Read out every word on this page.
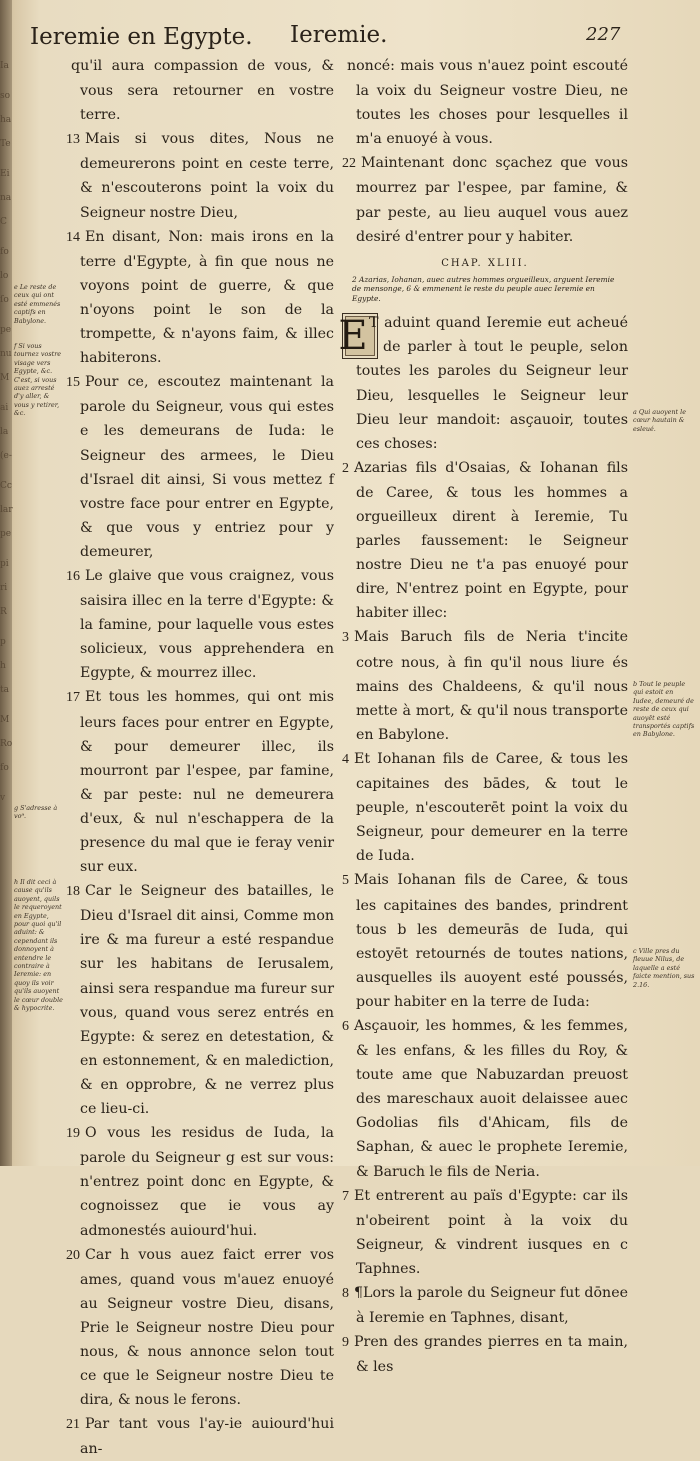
Ieremie en Egypte. Ieremie.	227

qu'il aura compassion de vous, & vous sera retourner en vostre terre.

13 Mais si vous dites, Nous ne demeurerons point en ceste terre, & n'escouterons point la voix du Seigneur nostre Dieu,

14 En disant, Non: mais irons en la terre d'Egypte, à fin que nous ne voyons point de guerre, & que n'oyons point le son de la trompette, & n'ayons faim, & illec habiterons.

15 Pour ce, escoutez maintenant la parole du Seigneur, vous qui estes e les demeurans de Iuda: le Seigneur des armees, le Dieu d'Israel dit ainsi, Si vous mettez f vostre face pour entrer en Egypte, & que vous y entriez pour y demeurer,

16 Le glaive que vous craignez, vous saisira illec en la terre d'Egypte: & la famine, pour laquelle vous estes solicieux, vous apprehendera en Egypte, & mourrez illec.

17 Et tous les hommes, qui ont mis leurs faces pour entrer en Egypte, & pour demeurer illec, ils mourront par l'espee, par famine, & par peste: nul ne demeurera d'eux, & nul n'eschappera de la presence du mal que ie feray venir sur eux.

18 Car le Seigneur des batailles, le Dieu d'Israel dit ainsi, Comme mon ire & ma fureur a esté respandue sur les habitans de Ierusalem, ainsi sera respandue ma fureur sur vous, quand vous serez entrés en Egypte: & serez en detestation, & en estonnement, & en malediction, & en opprobre, & ne verrez plus ce lieu-ci.

19 O vous les residus de Iuda, la parole du Seigneur g est sur vous: n'entrez point donc en Egypte, & cognoissez que ie vous ay admonestés auiourd'hui.

20 Car h vous auez faict errer vos ames, quand vous m'auez enuoyé au Seigneur vostre Dieu, disans, Prie le Seigneur nostre Dieu pour nous, & nous annonce selon tout ce que le Seigneur nostre Dieu te dira, & nous le ferons.

21 Par tant vous l'ay-ie auiourd'hui an-

noncé: mais vous n'auez point escouté la voix du Seigneur vostre Dieu, ne toutes les choses pour lesquelles il m'a enuoyé à vous.

22 Maintenant donc sçachez que vous mourrez par l'espee, par famine, & par peste, au lieu auquel vous auez desiré d'entrer pour y habiter.

CHAP. XLIII.
2 Azarias, Iohanan, auec autres hommes orgueilleux, arguent Ieremie de mensonge, 6 & emmenent le reste du peuple auec Ieremie en Egypte.

E T aduint quand Ieremie eut acheué de parler à tout le peuple, selon toutes les paroles du Seigneur leur Dieu, lesquelles le Seigneur leur Dieu leur mandoit: asçauoir, toutes ces choses:

2 Azarias fils d'Osaias, & Iohanan fils de Caree, & tous les hommes a orgueilleux dirent à Ieremie, Tu parles faussement: le Seigneur nostre Dieu ne t'a pas enuoyé pour dire, N'entrez point en Egypte, pour habiter illec:

3 Mais Baruch fils de Neria t'incite cotre nous, à fin qu'il nous liure és mains des Chaldeens, & qu'il nous mette à mort, & qu'il nous transporte en Babylone.

4 Et Iohanan fils de Caree, & tous les capitaines des bādes, & tout le peuple, n'escouterēt point la voix du Seigneur, pour demeurer en la terre de Iuda.

5 Mais Iohanan fils de Caree, & tous les capitaines des bandes, prindrent tous b les demeurās de Iuda, qui estoyēt retournés de toutes nations, ausquelles ils auoyent esté poussés, pour habiter en la terre de Iuda:

6 Asçauoir, les hommes, & les femmes, & les enfans, & les filles du Roy, & toute ame que Nabuzardan preuost des mareschaux auoit delaissee auec Godolias fils d'Ahicam, fils de Saphan, & auec le prophete Ieremie, & Baruch le fils de Neria.

7 Et entrerent au païs d'Egypte: car ils n'obeirent point à la voix du Seigneur, & vindrent iusques en c Taphnes.

8 ¶Lors la parole du Seigneur fut dōnee à Ieremie en Taphnes, disant,

9 Pren des grandes pierres en ta main, & les

e Le reste de ceux qui ont esté emmenés captifs en Babylone.
f Si vous tournez vostre visage vers Egypte, &c. C'est, si vous auez arresté d'y aller, & vous y retirer, &c.
g S'adresse à vo⁹.
h Il dit ceci à cause qu'ils auoyent, quils le requeroyent en Egypte, pour quoi qu'il aduint: & cependant ils donnoyent à entendre le contraire à Ieremie: en quoy ils voir qu'ils auoyent le cœur double & hypocrite.
a Qui auoyent le cœur hautain & esleué.
b Tout le peuple qui estoit en Iudee, demeuré de reste de ceux qui auoyēt esté transportés captifs en Babylone.
c Ville pres du fleuue Nilus, de laquelle a esté faicte mention, sus 2.16.
Ia
so
ha
Te
Ei
na
C
fo
lo
ſo
pe
nu
M
ai
la
(e-
Cc
lar
pe
pi
ri
R
p
h
ta
M
Ro
fo
v
